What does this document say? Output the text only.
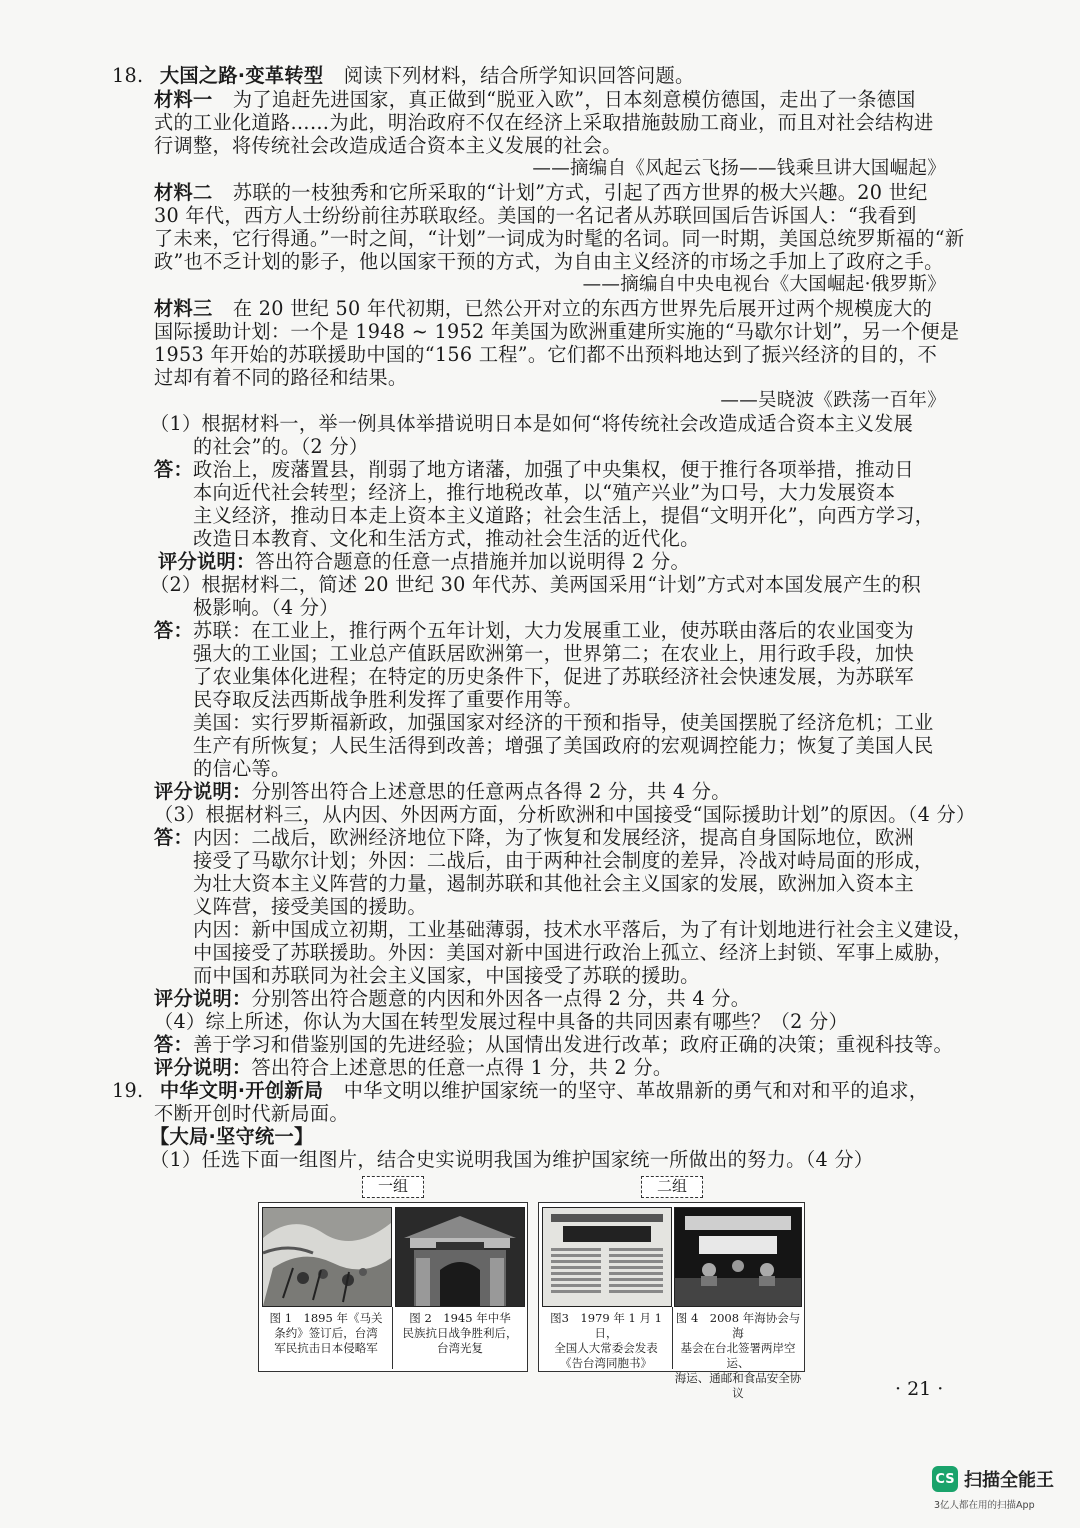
18. 大国之路·变革转型 阅读下列材料，结合所学知识回答问题。
材料一 为了追赶先进国家，真正做到“脱亚入欧”，日本刻意模仿德国，走出了一条德国
式的工业化道路……为此，明治政府不仅在经济上采取措施鼓励工商业，而且对社会结构进
行调整，将传统社会改造成适合资本主义发展的社会。
——摘编自《风起云飞扬——钱乘旦讲大国崛起》
材料二 苏联的一枝独秀和它所采取的“计划”方式，引起了西方世界的极大兴趣。20 世纪
30 年代，西方人士纷纷前往苏联取经。美国的一名记者从苏联回国后告诉国人：“我看到
了未来，它行得通。”一时之间，“计划”一词成为时髦的名词。同一时期，美国总统罗斯福的“新
政”也不乏计划的影子，他以国家干预的方式，为自由主义经济的市场之手加上了政府之手。
——摘编自中央电视台《大国崛起·俄罗斯》
材料三 在 20 世纪 50 年代初期，已然公开对立的东西方世界先后展开过两个规模庞大的
国际援助计划：一个是 1948 ~ 1952 年美国为欧洲重建所实施的“马歇尔计划”，另一个便是
1953 年开始的苏联援助中国的“156 工程”。它们都不出预料地达到了振兴经济的目的，不
过却有着不同的路径和结果。
——吴晓波《跌荡一百年》
（1）根据材料一，举一例具体举措说明日本是如何“将传统社会改造成适合资本主义发展
的社会”的。（2 分）
答：政治上，废藩置县，削弱了地方诸藩，加强了中央集权，便于推行各项举措，推动日
本向近代社会转型；经济上，推行地税改革，以“殖产兴业”为口号，大力发展资本
主义经济，推动日本走上资本主义道路；社会生活上，提倡“文明开化”，向西方学习，
改造日本教育、文化和生活方式，推动社会生活的近代化。
评分说明：答出符合题意的任意一点措施并加以说明得 2 分。
（2）根据材料二，简述 20 世纪 30 年代苏、美两国采用“计划”方式对本国发展产生的积
极影响。（4 分）
答：苏联：在工业上，推行两个五年计划，大力发展重工业，使苏联由落后的农业国变为
强大的工业国；工业总产值跃居欧洲第一，世界第二；在农业上，用行政手段，加快
了农业集体化进程；在特定的历史条件下，促进了苏联经济社会快速发展，为苏联军
民夺取反法西斯战争胜利发挥了重要作用等。
美国：实行罗斯福新政，加强国家对经济的干预和指导，使美国摆脱了经济危机；工业
生产有所恢复；人民生活得到改善；增强了美国政府的宏观调控能力；恢复了美国人民
的信心等。
评分说明：分别答出符合上述意思的任意两点各得 2 分，共 4 分。
（3）根据材料三，从内因、外因两方面，分析欧洲和中国接受“国际援助计划”的原因。（4 分）
答：内因：二战后，欧洲经济地位下降，为了恢复和发展经济，提高自身国际地位，欧洲
接受了马歇尔计划；外因：二战后，由于两种社会制度的差异，冷战对峙局面的形成，
为壮大资本主义阵营的力量，遏制苏联和其他社会主义国家的发展，欧洲加入资本主
义阵营，接受美国的援助。
内因：新中国成立初期，工业基础薄弱，技术水平落后，为了有计划地进行社会主义建设，
中国接受了苏联援助。外因：美国对新中国进行政治上孤立、经济上封锁、军事上威胁，
而中国和苏联同为社会主义国家，中国接受了苏联的援助。
评分说明：分别答出符合题意的内因和外因各一点得 2 分，共 4 分。
（4）综上所述，你认为大国在转型发展过程中具备的共同因素有哪些？（2 分）
答：善于学习和借鉴别国的先进经验；从国情出发进行改革；政府正确的决策；重视科技等。
评分说明：答出符合上述意思的任意一点得 1 分，共 2 分。
19. 中华文明·开创新局 中华文明以维护国家统一的坚守、革故鼎新的勇气和对和平的追求，
不断开创时代新局面。
【大局·坚守统一】
（1）任选下面一组图片，结合史实说明我国为维护国家统一所做出的努力。（4 分）
一组	二组
图 1　1895 年《马关
条约》签订后，台湾
军民抗击日本侵略军
图 2　1945 年中华
民族抗日战争胜利后，
台湾光复
图3　1979 年 1 月 1 日，
全国人大常委会发表
《告台湾同胞书》
图 4　2008 年海协会与海
基会在台北签署两岸空运、
海运、通邮和食品安全协议	· 21 ·
CS 扫描全能王
3亿人都在用的扫描App
